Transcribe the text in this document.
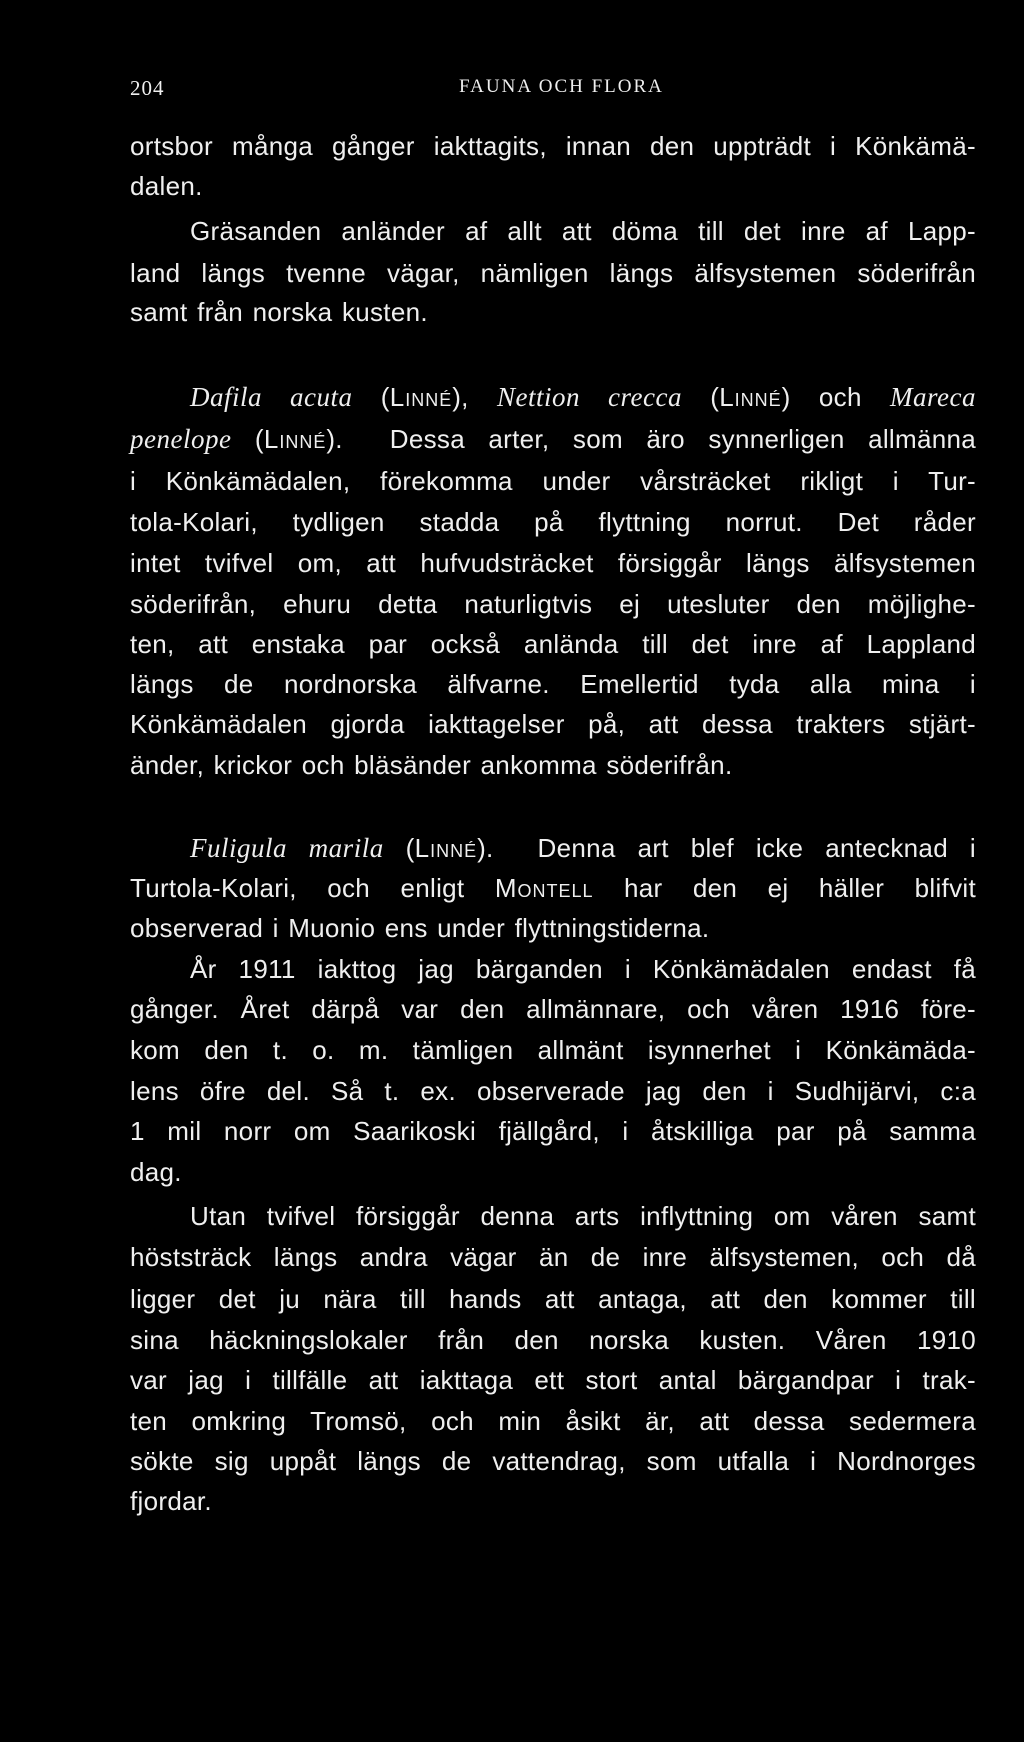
204	FAUNA OCH FLORA
ortsbor många gånger iakttagits, innan den uppträdt i Könkämä-
dalen.
Gräsanden anländer af allt att döma till det inre af Lapp-
land längs tvenne vägar, nämligen längs älfsystemen söderifrån
samt från norska kusten.
Dafila acuta (Linné), Nettion crecca (Linné) och Mareca
penelope (Linné).  Dessa arter, som äro synnerligen allmänna
i Könkämädalen, förekomma under vårsträcket rikligt i Tur-
tola-Kolari, tydligen stadda på flyttning norrut. Det råder
intet tvifvel om, att hufvudsträcket försiggår längs älfsystemen
söderifrån, ehuru detta naturligtvis ej utesluter den möjlighe-
ten, att enstaka par också anlända till det inre af Lappland
längs de nordnorska älfvarne. Emellertid tyda alla mina i
Könkämädalen gjorda iakttagelser på, att dessa trakters stjärt-
änder, krickor och bläsänder ankomma söderifrån.
Fuligula marila (Linné).  Denna art blef icke antecknad i
Turtola-Kolari, och enligt Montell har den ej häller blifvit
observerad i Muonio ens under flyttningstiderna.
År 1911 iakttog jag bärganden i Könkämädalen endast få
gånger. Året därpå var den allmännare, och våren 1916 före-
kom den t. o. m. tämligen allmänt isynnerhet i Könkämäda-
lens öfre del. Så t. ex. observerade jag den i Sudhijärvi, c:a
1 mil norr om Saarikoski fjällgård, i åtskilliga par på samma
dag.
Utan tvifvel försiggår denna arts inflyttning om våren samt
höststräck längs andra vägar än de inre älfsystemen, och då
ligger det ju nära till hands att antaga, att den kommer till
sina häckningslokaler från den norska kusten. Våren 1910
var jag i tillfälle att iakttaga ett stort antal bärgandpar i trak-
ten omkring Tromsö, och min åsikt är, att dessa sedermera
sökte sig uppåt längs de vattendrag, som utfalla i Nordnorges
fjordar.
